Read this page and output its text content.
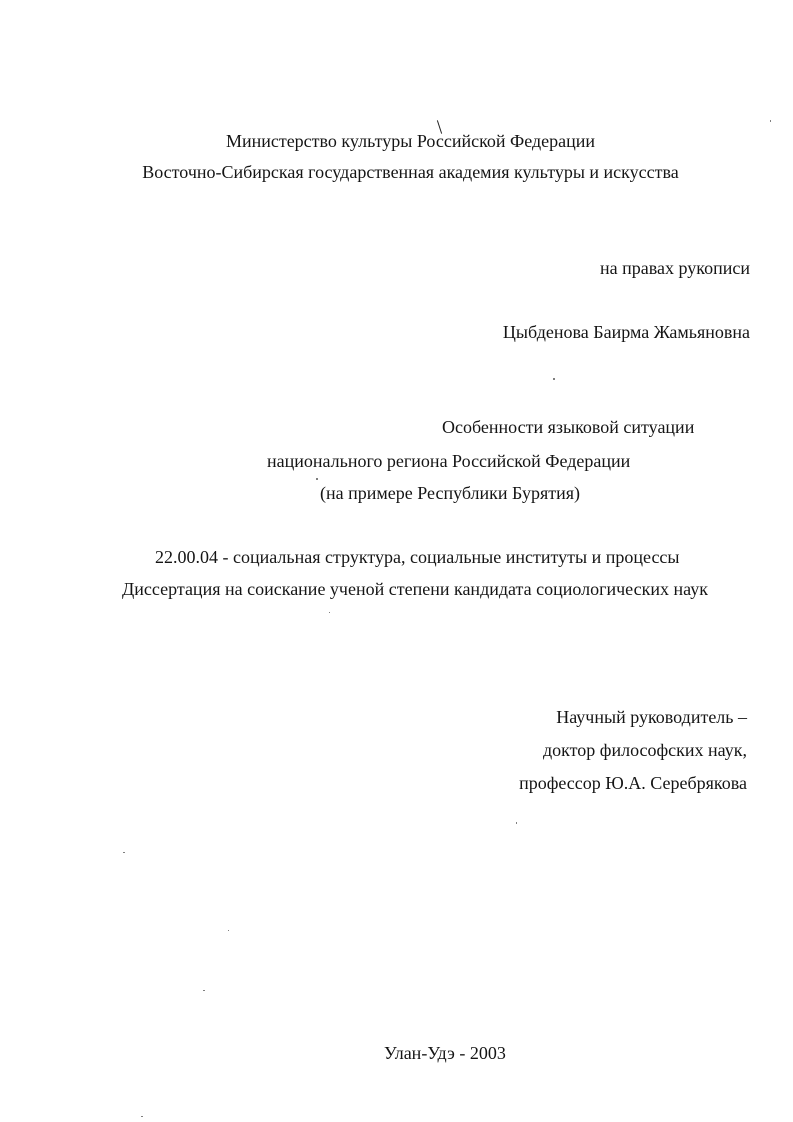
Министерство культуры Российской Федерации
Восточно-Сибирская государственная академия культуры и искусства
на правах рукописи
Цыбденова Баирма Жамьяновна
Особенности языковой ситуации
национального региона Российской Федерации
(на примере Республики Бурятия)
22.00.04 - социальная структура, социальные институты и процессы
Диссертация на соискание ученой степени кандидата социологических наук
Научный руководитель –
доктор философских наук,
профессор Ю.А. Серебрякова
Улан-Удэ - 2003
